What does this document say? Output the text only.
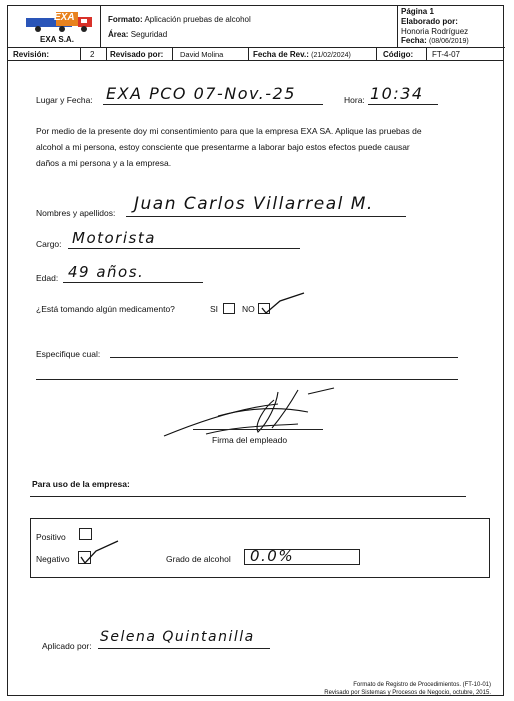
EXA
EXA S.A.
Formato: Aplicación pruebas de alcohol
Área: Seguridad
Página 1
Elaborado por:
Honoria Rodríguez
Fecha: (08/06/2019)
Revisión:	2 Revisado por: David Molina	Fecha de Rev.: (21/02/2024)	Código: FT-4-07
Lugar y Fecha: EXA PCO 07-Nov.-25	Hora: 10:34
Por medio de la presente doy mi consentimiento para que la empresa EXA SA. Aplique las pruebas de
alcohol a mi persona, estoy consciente que presentarme a laborar bajo estos efectos puede causar
daños a mi persona y a la empresa.
Nombres y apellidos: Juan Carlos Villarreal M.
Cargo: Motorista
Edad: 49 años.
¿Está tomando algún medicamento?	SI	NO
Especifique cual:
Firma del empleado
Para uso de la empresa:
Positivo
Negativo	Grado de alcohol 0.0%
Aplicado por:
Selena Quintanilla
Formato de Registro de Procedimientos. (FT-10-01)
Revisado por Sistemas y Procesos de Negocio, octubre, 2015.
